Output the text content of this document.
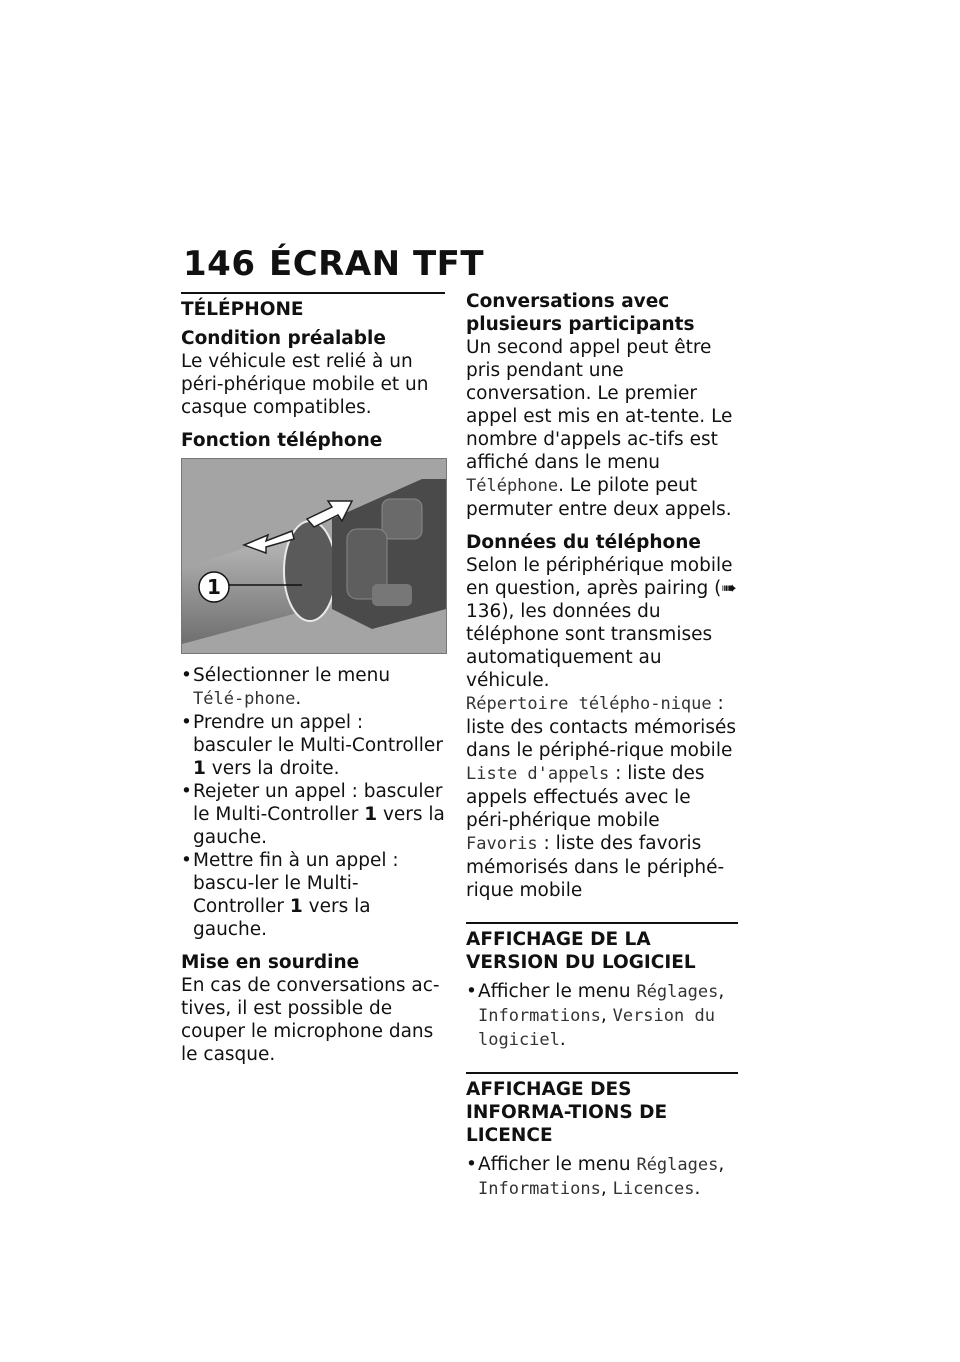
146 ÉCRAN TFT
TÉLÉPHONE
Condition préalable

Le véhicule est relié à un péri-phérique mobile et un casque compatibles.

Fonction téléphone
1
• Sélectionner le menu Télé-phone.
• Prendre un appel : basculer le Multi-Controller 1 vers la droite.
• Rejeter un appel : basculer le Multi-Controller 1 vers la gauche.
• Mettre fin à un appel : bascu-ler le Multi-Controller 1 vers la gauche.
Mise en sourdine

En cas de conversations ac-tives, il est possible de couper le microphone dans le casque.

Conversations avec plusieurs participants

Un second appel peut être pris pendant une conversation. Le premier appel est mis en at-tente. Le nombre d'appels ac-tifs est affiché dans le menu Téléphone. Le pilote peut permuter entre deux appels.

Données du téléphone

Selon le périphérique mobile en question, après pairing (➠ 136), les données du téléphone sont transmises automatiquement au véhicule.

Répertoire télépho-nique : liste des contacts mémorisés dans le périphé-rique mobile
Liste d'appels : liste des appels effectués avec le péri-phérique mobile
Favoris : liste des favoris mémorisés dans le périphé-rique mobile
AFFICHAGE DE LA VERSION DU LOGICIEL
• Afficher le menu Réglages, Informations, Version du logiciel.
AFFICHAGE DES INFORMA-TIONS DE LICENCE
• Afficher le menu Réglages, Informations, Licences.
